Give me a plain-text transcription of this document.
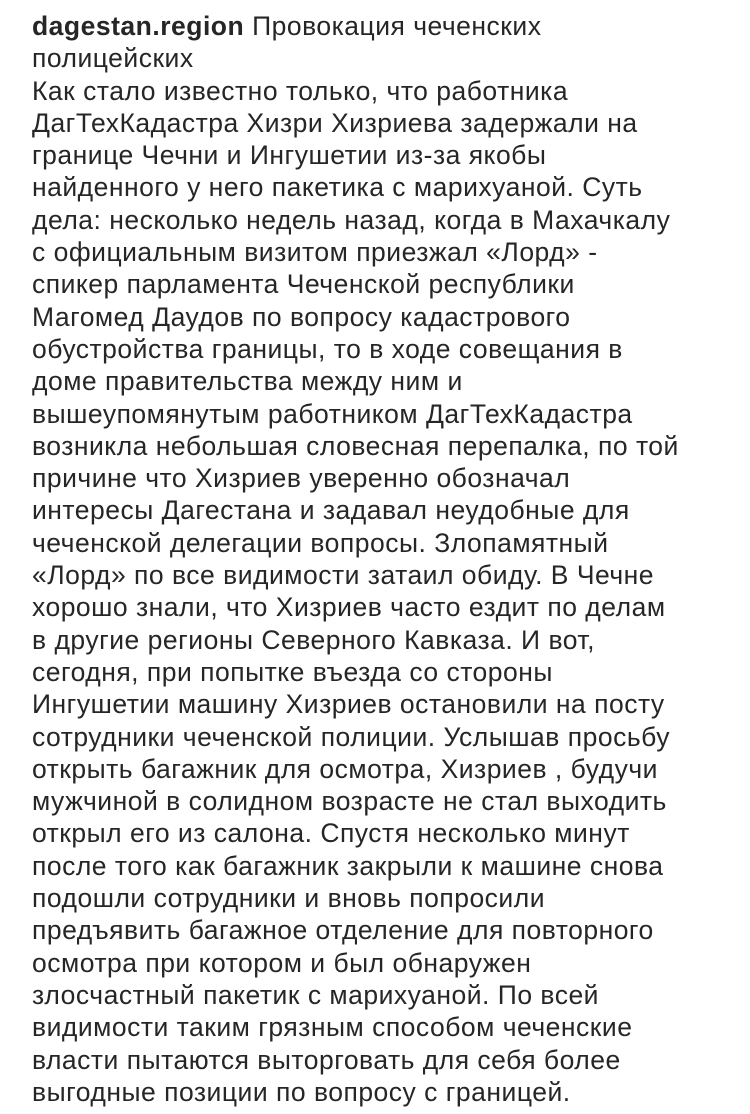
dagestan.region Провокация чеченских
полицейских
Как стало известно только, что работника
ДагТехКадастра Хизри Хизриева задержали на
границе Чечни и Ингушетии из-за якобы
найденного у него пакетика с марихуаной. Суть
дела: несколько недель назад, когда в Махачкалу
с официальным визитом приезжал «Лорд» -
спикер парламента Чеченской республики
Магомед Даудов по вопросу кадастрового
обустройства границы, то в ходе совещания в
доме правительства между ним и
вышеупомянутым работником ДагТехКадастра
возникла небольшая словесная перепалка, по той
причине что Хизриев уверенно обозначал
интересы Дагестана и задавал неудобные для
чеченской делегации вопросы. Злопамятный
«Лорд» по все видимости затаил обиду. В Чечне
хорошо знали, что Хизриев часто ездит по делам
в другие регионы Северного Кавказа. И вот,
сегодня, при попытке въезда со стороны
Ингушетии машину Хизриев остановили на посту
сотрудники чеченской полиции. Услышав просьбу
открыть багажник для осмотра, Хизриев , будучи
мужчиной в солидном возрасте не стал выходить
открыл его из салона. Спустя несколько минут
после того как багажник закрыли к машине снова
подошли сотрудники и вновь попросили
предъявить багажное отделение для повторного
осмотра при котором и был обнаружен
злосчастный пакетик с марихуаной. По всей
видимости таким грязным способом чеченские
власти пытаются выторговать для себя более
выгодные позиции по вопросу с границей.
